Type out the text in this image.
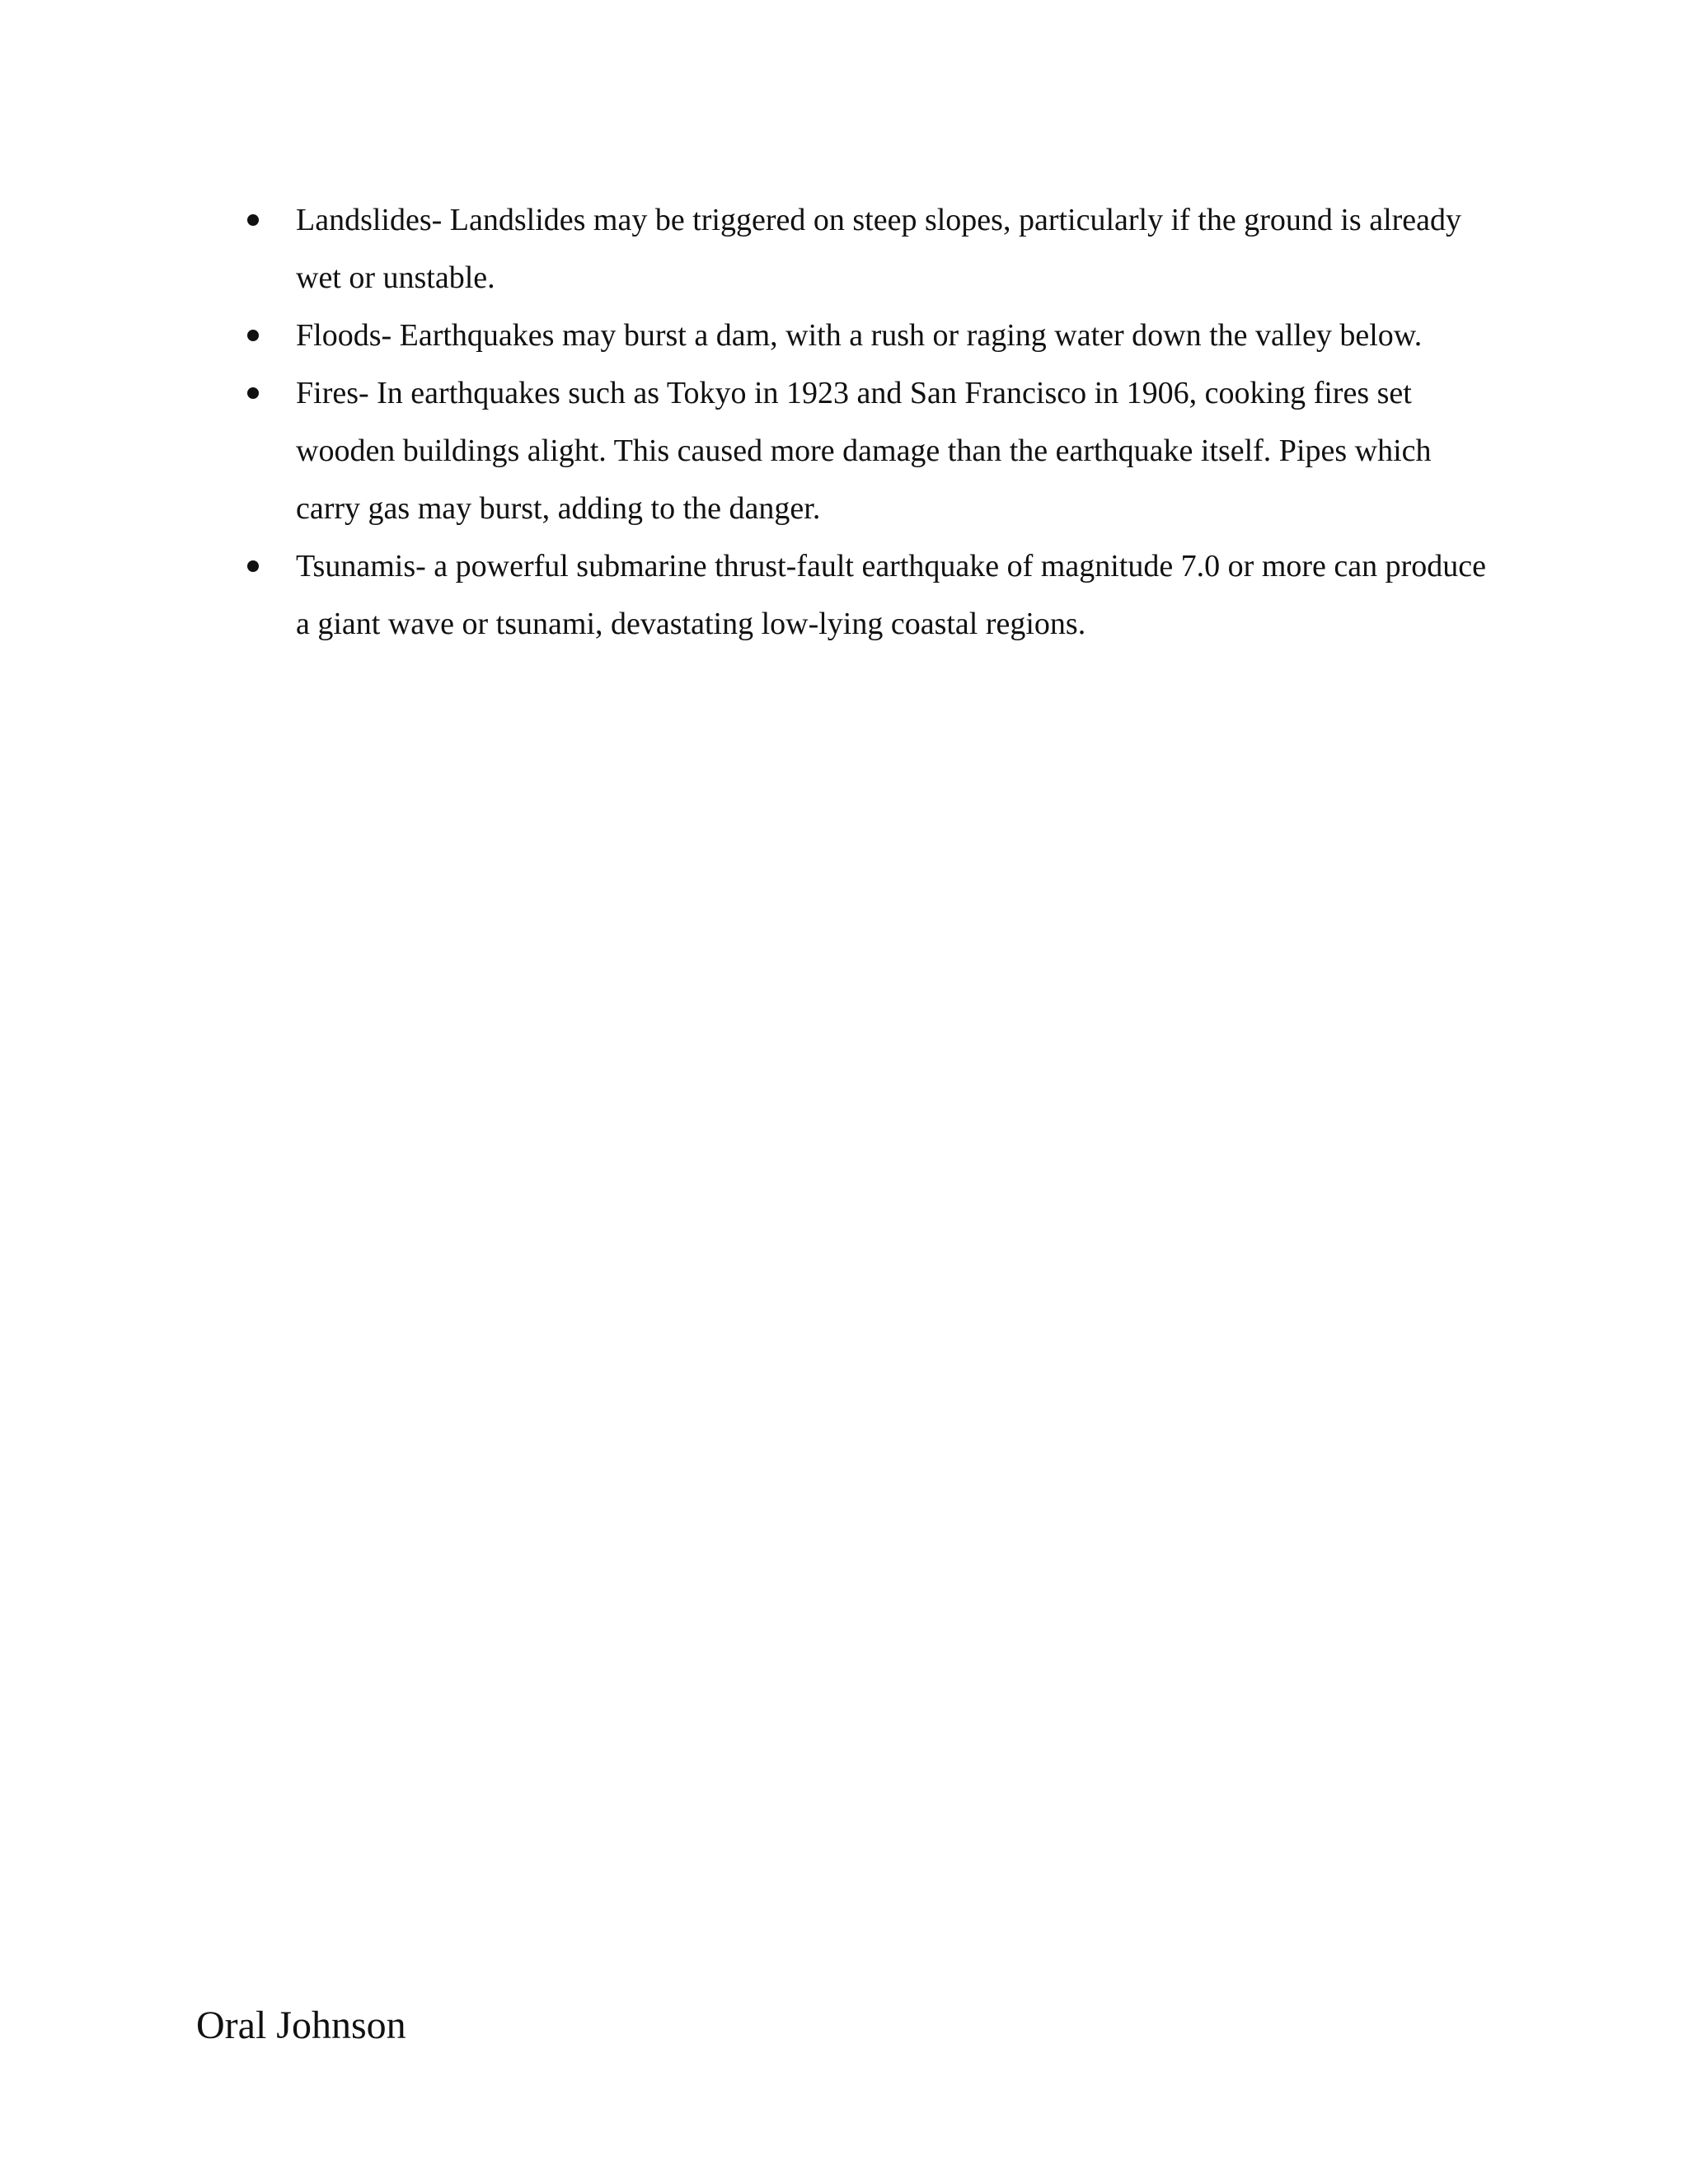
Landslides- Landslides may be triggered on steep slopes, particularly if the ground is already wet or unstable.
Floods- Earthquakes may burst a dam, with a rush or raging water down the valley below.
Fires- In earthquakes such as Tokyo in 1923 and San Francisco in 1906, cooking fires set wooden buildings alight. This caused more damage than the earthquake itself. Pipes which carry gas may burst, adding to the danger.
Tsunamis- a powerful submarine thrust-fault earthquake of magnitude 7.0 or more can produce a giant wave or tsunami, devastating low-lying coastal regions.

Oral Johnson
